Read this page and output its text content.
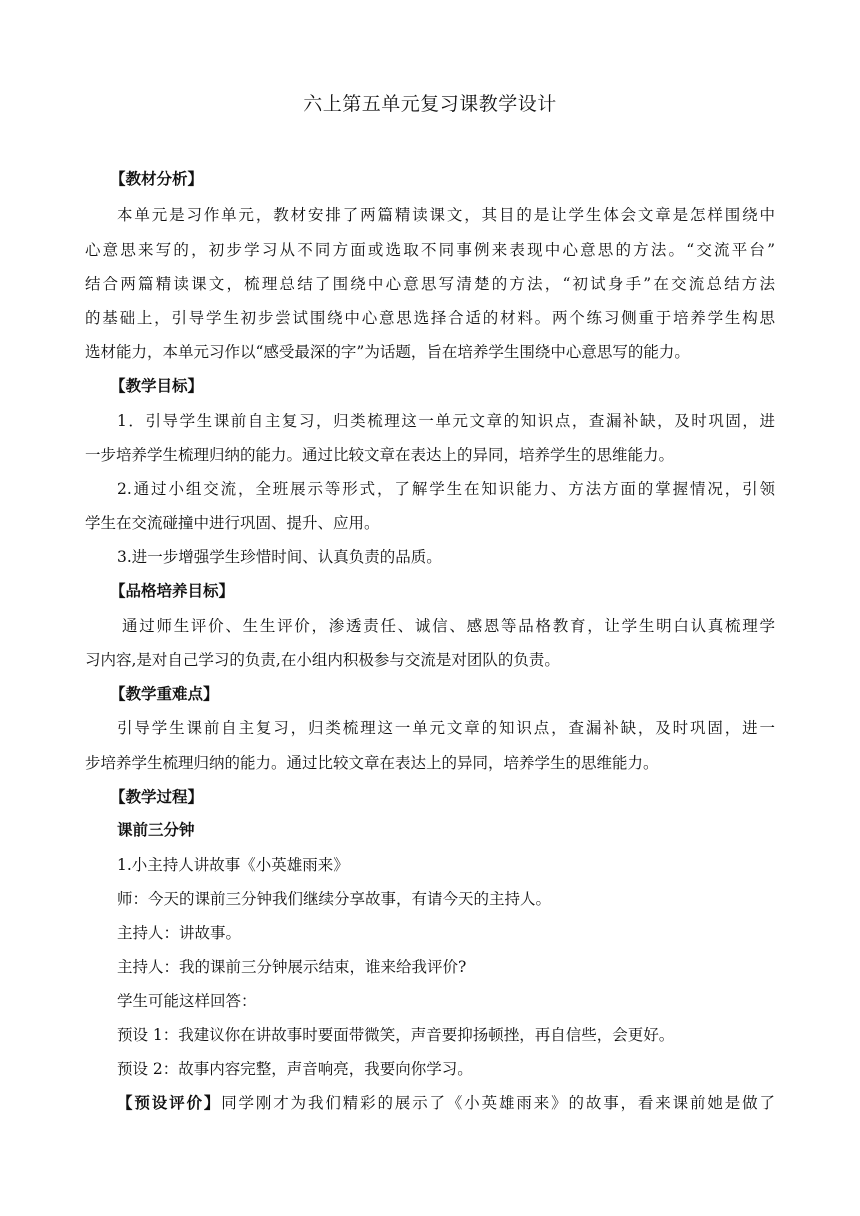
六上第五单元复习课教学设计
【教材分析】
本单元是习作单元，教材安排了两篇精读课文，其目的是让学生体会文章是怎样围绕中
心意思来写的，初步学习从不同方面或选取不同事例来表现中心意思的方法。“交流平台”
结合两篇精读课文，梳理总结了围绕中心意思写清楚的方法，“初试身手”在交流总结方法
的基础上，引导学生初步尝试围绕中心意思选择合适的材料。两个练习侧重于培养学生构思
选材能力，本单元习作以“感受最深的字”为话题，旨在培养学生围绕中心意思写的能力。
【教学目标】
1．引导学生课前自主复习，归类梳理这一单元文章的知识点，查漏补缺，及时巩固，进
一步培养学生梳理归纳的能力。通过比较文章在表达上的异同，培养学生的思维能力。
2.通过小组交流，全班展示等形式，了解学生在知识能力、方法方面的掌握情况，引领
学生在交流碰撞中进行巩固、提升、应用。
3.进一步增强学生珍惜时间、认真负责的品质。
【品格培养目标】
通过师生评价、生生评价，渗透责任、诚信、感恩等品格教育，让学生明白认真梳理学
习内容,是对自己学习的负责,在小组内积极参与交流是对团队的负责。
【教学重难点】
引导学生课前自主复习，归类梳理这一单元文章的知识点，查漏补缺，及时巩固，进一
步培养学生梳理归纳的能力。通过比较文章在表达上的异同，培养学生的思维能力。
【教学过程】
课前三分钟
1.小主持人讲故事《小英雄雨来》
师：今天的课前三分钟我们继续分享故事，有请今天的主持人。
主持人：讲故事。
主持人：我的课前三分钟展示结束，谁来给我评价?
学生可能这样回答：
预设 1：我建议你在讲故事时要面带微笑，声音要抑扬顿挫，再自信些，会更好。
预设 2：故事内容完整，声音响亮，我要向你学习。
【预设评价】同学刚才为我们精彩的展示了《小英雄雨来》的故事，看来课前她是做了
